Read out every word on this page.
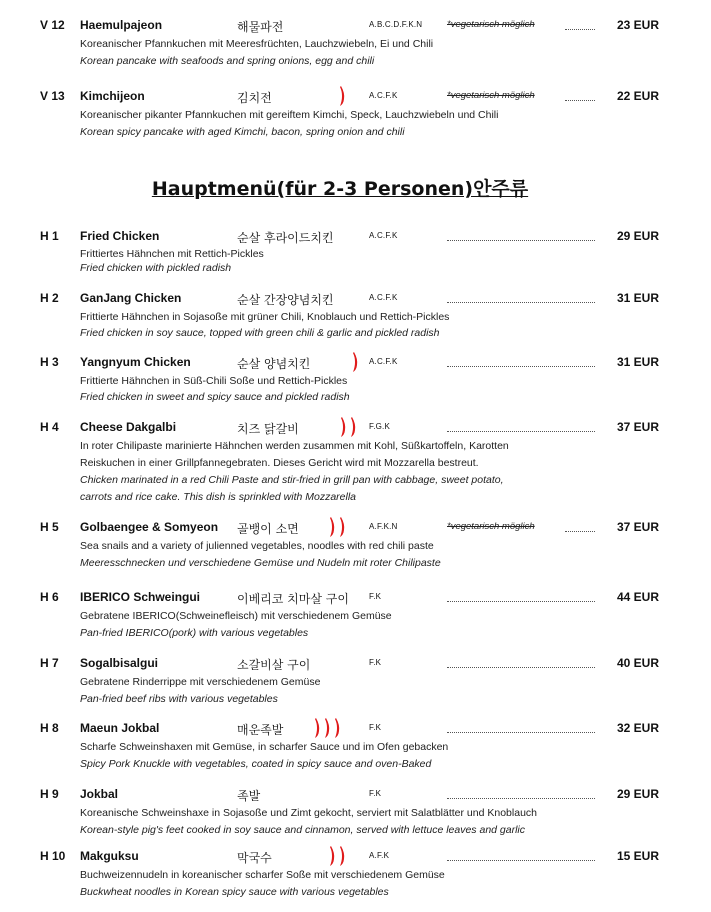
V 12 Haemulpajeon	해물파전	A.B.C.D.F.K.N	*vegetarisch möglich	23 EUR
Koreanischer Pfannkuchen mit Meeresfrüchten, Lauchzwiebeln, Ei und Chili
Korean pancake with seafoods and spring onions, egg and chili
V 13 Kimchijeon	김치전	A.C.F.K	*vegetarisch möglich	22 EUR
Koreanischer pikanter Pfannkuchen mit gereiftem Kimchi, Speck, Lauchzwiebeln und Chili
Korean spicy pancake with aged Kimchi, bacon, spring onion and chili
Hauptmenü(für 2-3 Personen)안주류
H 1 Fried Chicken	순살 후라이드치킨	A.C.F.K	29 EUR
Frittiertes Hähnchen mit Rettich-Pickles
Fried chicken with pickled radish
H 2 GanJang Chicken	순살 간장양념치킨	A.C.F.K	31 EUR
Frittierte Hähnchen in Sojasoße mit grüner Chili, Knoblauch und Rettich-Pickles
Fried chicken in soy sauce, topped with green chili & garlic and pickled radish
H 3 Yangnyum Chicken	순살 양념치킨	A.C.F.K	31 EUR
Frittierte Hähnchen in Süß-Chili Soße und Rettich-Pickles
Fried chicken in sweet and spicy sauce and pickled radish
H 4 Cheese Dakgalbi	치즈 닭갈비	F.G.K	37 EUR
In roter Chilipaste marinierte Hähnchen werden zusammen mit Kohl, Süßkartoffeln, Karotten
Reiskuchen in einer Grillpfannegebraten. Dieses Gericht wird mit Mozzarella bestreut.
Chicken marinated in a red Chili Paste and stir-fried in grill pan with cabbage, sweet potato,
carrots and rice cake. This dish is sprinkled with Mozzarella
H 5 Golbaengee & Somyeon 골뱅이 소면	A.F.K.N	*vegetarisch möglich	37 EUR
Sea snails and a variety of julienned vegetables, noodles with red chili paste
Meeresschnecken und verschiedene Gemüse und Nudeln mit roter Chilipaste
H 6 IBERICO Schweingui	이베리코 치마살 구이	F.K	44 EUR
Gebratene IBERICO(Schweinefleisch) mit verschiedenem Gemüse
Pan-fried IBERICO(pork) with various vegetables
H 7 Sogalbisalgui	소갈비살 구이	F.K	40 EUR
Gebratene Rinderrippe mit verschiedenem Gemüse
Pan-fried beef ribs with various vegetables
H 8 Maeun Jokbal	매운족발	F.K	32 EUR
Scharfe Schweinshaxen mit Gemüse, in scharfer Sauce und im Ofen gebacken
Spicy Pork Knuckle with vegetables, coated in spicy sauce and oven-Baked
H 9 Jokbal	족발	F.K	29 EUR
Koreanische Schweinshaxe in Sojasoße und Zimt gekocht, serviert mit Salatblätter und Knoblauch
Korean-style pig's feet cooked in soy sauce and cinnamon, served with lettuce leaves and garlic
H 10 Makguksu	막국수	A.F.K	15 EUR
Buchweizennudeln in koreanischer scharfer Soße mit verschiedenem Gemüse
Buckwheat noodles in Korean spicy sauce with various vegetables
